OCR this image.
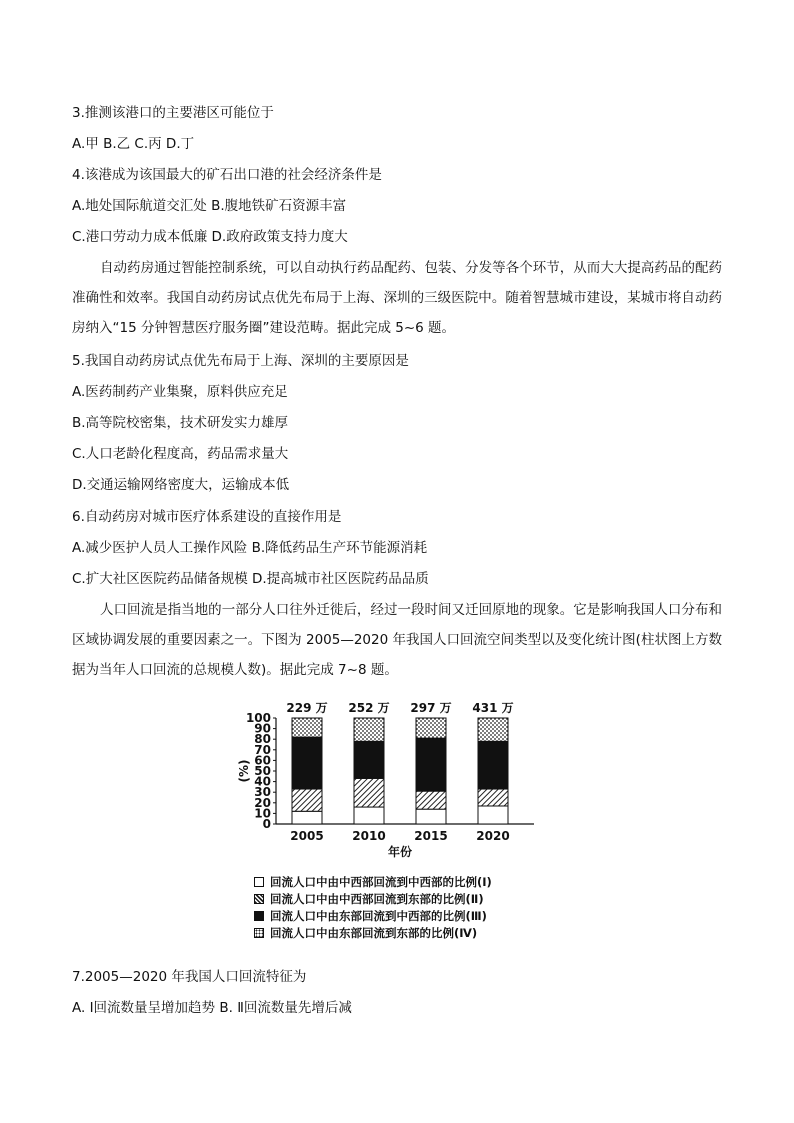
3.推测该港口的主要港区可能位于
A.甲 B.乙 C.丙 D.丁
4.该港成为该国最大的矿石出口港的社会经济条件是
A.地处国际航道交汇处 B.腹地铁矿石资源丰富
C.港口劳动力成本低廉 D.政府政策支持力度大
自动药房通过智能控制系统，可以自动执行药品配药、包装、分发等各个环节，从而大大提高药品的配药准确性和效率。我国自动药房试点优先布局于上海、深圳的三级医院中。随着智慧城市建设，某城市将自动药房纳入“15 分钟智慧医疗服务圈”建设范畴。据此完成 5~6 题。
5.我国自动药房试点优先布局于上海、深圳的主要原因是
A.医药制药产业集聚，原料供应充足
B.高等院校密集，技术研发实力雄厚
C.人口老龄化程度高，药品需求量大
D.交通运输网络密度大，运输成本低
6.自动药房对城市医疗体系建设的直接作用是
A.减少医护人员人工操作风险 B.降低药品生产环节能源消耗
C.扩大社区医院药品储备规模 D.提高城市社区医院药品品质
人口回流是指当地的一部分人口往外迁徙后，经过一段时间又迁回原地的现象。它是影响我国人口分布和区域协调发展的重要因素之一。下图为 2005—2020 年我国人口回流空间类型以及变化统计图(柱状图上方数据为当年人口回流的总规模人数)。据此完成 7~8 题。
0
10
20
30
40
50
60
70
80
90
100
(%)
229 万
2005
252 万
2010
297 万
2015
431 万
2020
年份
回流人口中由中西部回流到中西部的比例(Ⅰ)
回流人口中由中西部回流到东部的比例(Ⅱ)
回流人口中由东部回流到中西部的比例(Ⅲ)
回流人口中由东部回流到东部的比例(Ⅳ)
7.2005—2020 年我国人口回流特征为
A. Ⅰ回流数量呈增加趋势 B. Ⅱ回流数量先增后减
